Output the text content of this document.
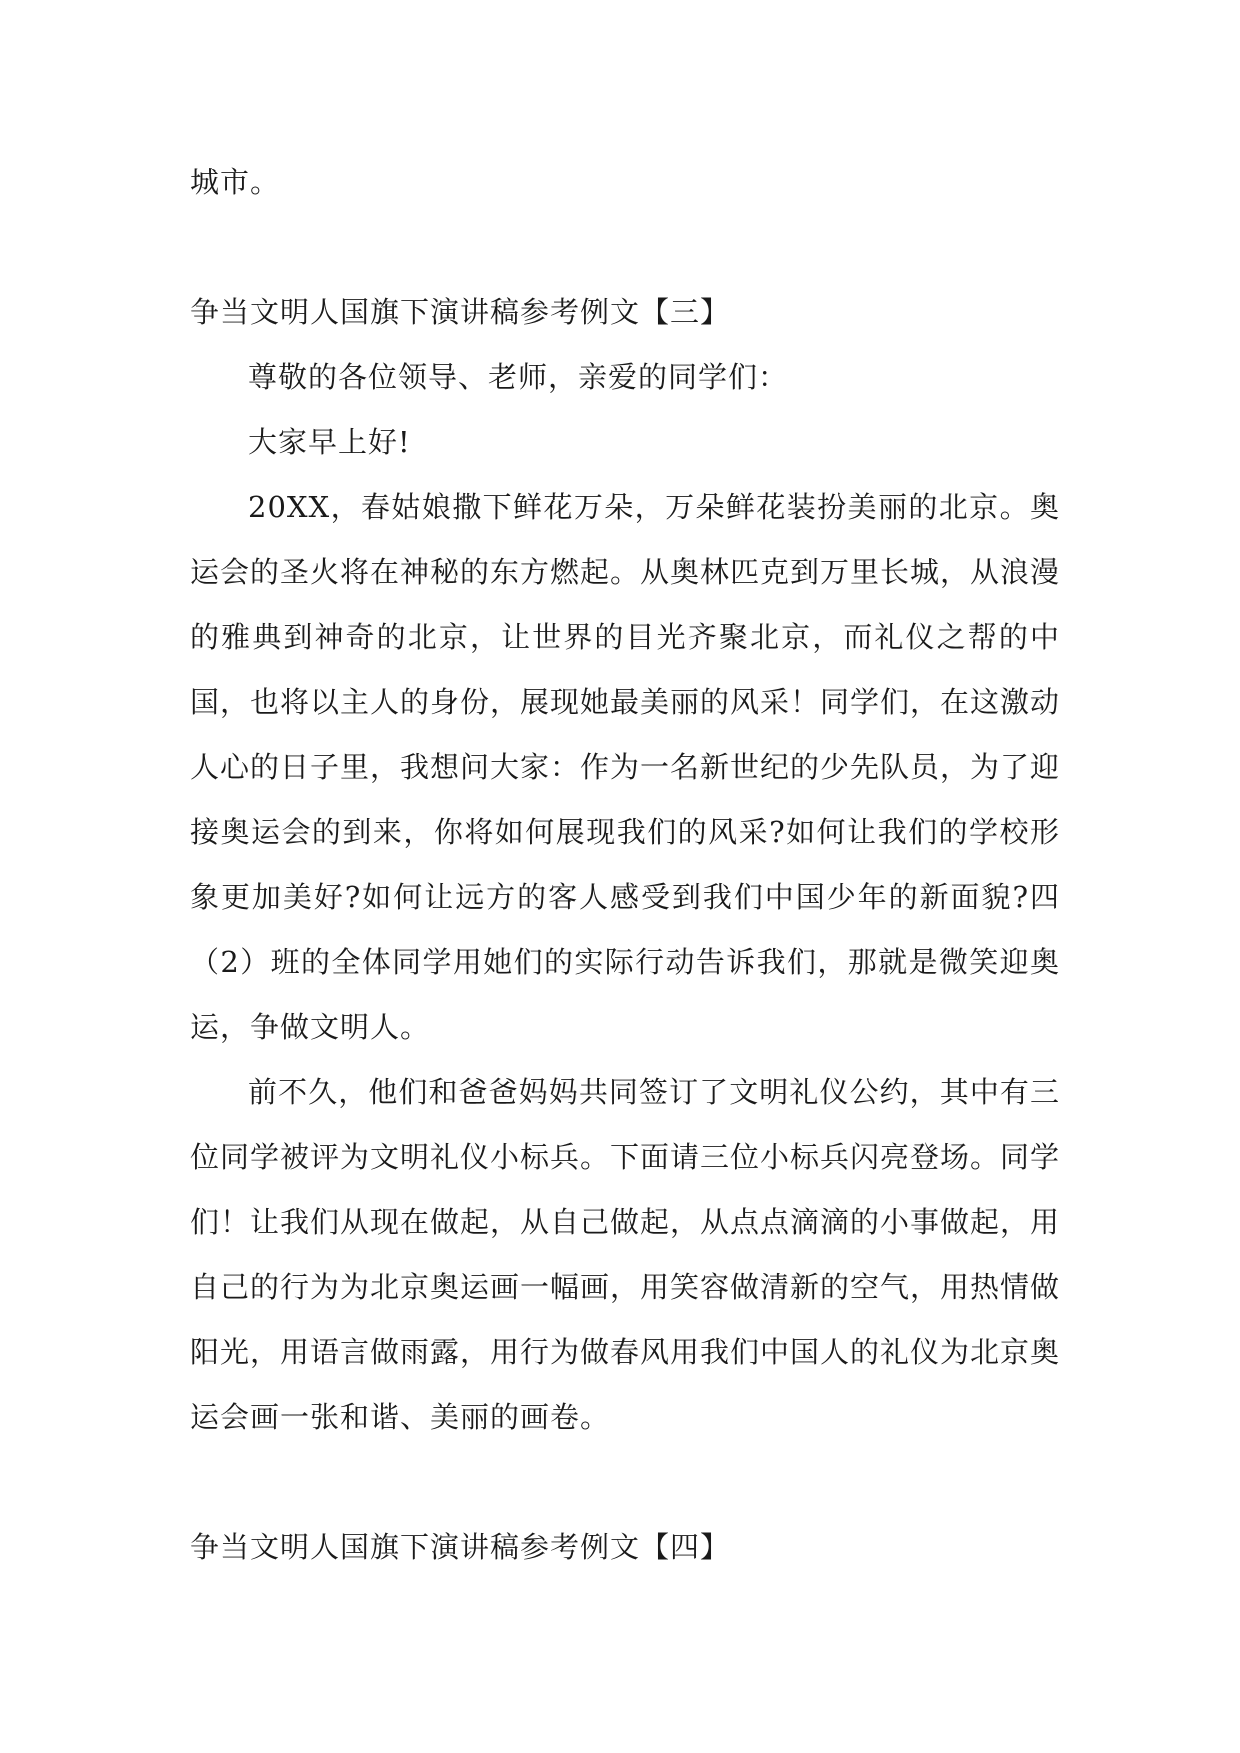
城市。

争当文明人国旗下演讲稿参考例文【三】

尊敬的各位领导、老师，亲爱的同学们：

大家早上好!

20XX，春姑娘撒下鲜花万朵，万朵鲜花装扮美丽的北京。奥运会的圣火将在神秘的东方燃起。从奥林匹克到万里长城，从浪漫的雅典到神奇的北京，让世界的目光齐聚北京，而礼仪之帮的中国，也将以主人的身份，展现她最美丽的风采！同学们，在这激动人心的日子里，我想问大家：作为一名新世纪的少先队员，为了迎接奥运会的到来，你将如何展现我们的风采?如何让我们的学校形象更加美好?如何让远方的客人感受到我们中国少年的新面貌?四（2）班的全体同学用她们的实际行动告诉我们，那就是微笑迎奥运，争做文明人。

前不久，他们和爸爸妈妈共同签订了文明礼仪公约，其中有三位同学被评为文明礼仪小标兵。下面请三位小标兵闪亮登场。同学们！让我们从现在做起，从自己做起，从点点滴滴的小事做起，用自己的行为为北京奥运画一幅画，用笑容做清新的空气，用热情做阳光，用语言做雨露，用行为做春风用我们中国人的礼仪为北京奥运会画一张和谐、美丽的画卷。

争当文明人国旗下演讲稿参考例文【四】
